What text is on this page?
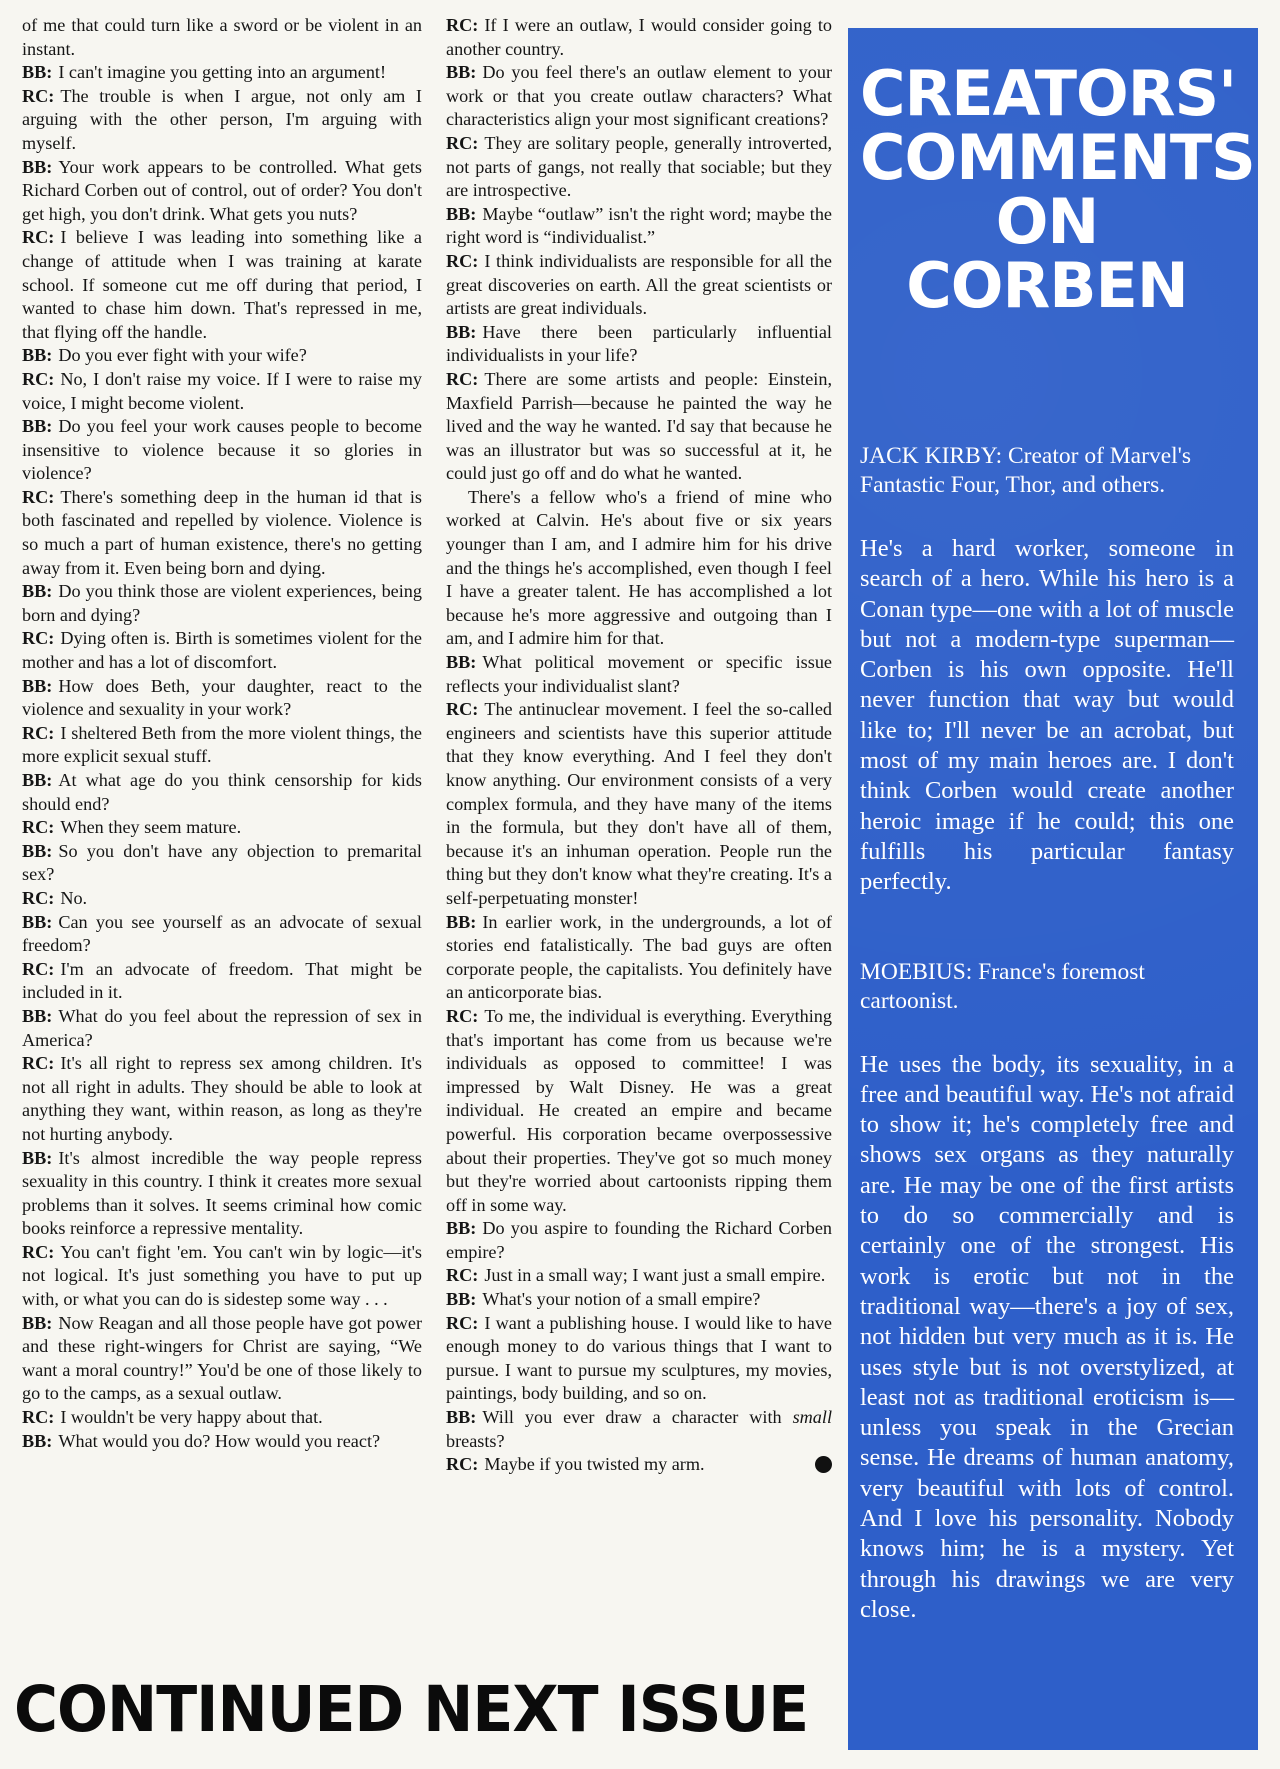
of me that could turn like a sword or be violent in an instant.

BB: I can't imagine you getting into an argument!

RC: The trouble is when I argue, not only am I arguing with the other person, I'm arguing with myself.

BB: Your work appears to be controlled. What gets Richard Corben out of control, out of order? You don't get high, you don't drink. What gets you nuts?

RC: I believe I was leading into something like a change of attitude when I was training at karate school. If someone cut me off during that period, I wanted to chase him down. That's repressed in me, that flying off the handle.

BB: Do you ever fight with your wife?

RC: No, I don't raise my voice. If I were to raise my voice, I might become violent.

BB: Do you feel your work causes people to become insensitive to violence because it so glories in violence?

RC: There's something deep in the human id that is both fascinated and repelled by violence. Violence is so much a part of human existence, there's no getting away from it. Even being born and dying.

BB: Do you think those are violent experiences, being born and dying?

RC: Dying often is. Birth is sometimes violent for the mother and has a lot of discomfort.

BB: How does Beth, your daughter, react to the violence and sexuality in your work?

RC: I sheltered Beth from the more violent things, the more explicit sexual stuff.

BB: At what age do you think censorship for kids should end?

RC: When they seem mature.

BB: So you don't have any objection to premarital sex?

RC: No.

BB: Can you see yourself as an advocate of sexual freedom?

RC: I'm an advocate of freedom. That might be included in it.

BB: What do you feel about the repression of sex in America?

RC: It's all right to repress sex among children. It's not all right in adults. They should be able to look at anything they want, within reason, as long as they're not hurting anybody.

BB: It's almost incredible the way people repress sexuality in this country. I think it creates more sexual problems than it solves. It seems criminal how comic books reinforce a repressive mentality.

RC: You can't fight 'em. You can't win by logic—it's not logical. It's just something you have to put up with, or what you can do is sidestep some way . . .

BB: Now Reagan and all those people have got power and these right-wingers for Christ are saying, “We want a moral country!” You'd be one of those likely to go to the camps, as a sexual outlaw.

RC: I wouldn't be very happy about that.

BB: What would you do? How would you react?

RC: If I were an outlaw, I would consider going to another country.

BB: Do you feel there's an outlaw element to your work or that you create outlaw characters? What characteristics align your most significant creations?

RC: They are solitary people, generally introverted, not parts of gangs, not really that sociable; but they are introspective.

BB: Maybe “outlaw” isn't the right word; maybe the right word is “individualist.”

RC: I think individualists are responsible for all the great discoveries on earth. All the great scientists or artists are great individuals.

BB: Have there been particularly influential individualists in your life?

RC: There are some artists and people: Einstein, Maxfield Parrish—because he painted the way he lived and the way he wanted. I'd say that because he was an illustrator but was so successful at it, he could just go off and do what he wanted.

There's a fellow who's a friend of mine who worked at Calvin. He's about five or six years younger than I am, and I admire him for his drive and the things he's accomplished, even though I feel I have a greater talent. He has accomplished a lot because he's more aggressive and outgoing than I am, and I admire him for that.

BB: What political movement or specific issue reflects your individualist slant?

RC: The antinuclear movement. I feel the so-called engineers and scientists have this superior attitude that they know everything. And I feel they don't know anything. Our environment consists of a very complex formula, and they have many of the items in the formula, but they don't have all of them, because it's an inhuman operation. People run the thing but they don't know what they're creating. It's a self-perpetuating monster!

BB: In earlier work, in the undergrounds, a lot of stories end fatalistically. The bad guys are often corporate people, the capitalists. You definitely have an anticorporate bias.

RC: To me, the individual is everything. Everything that's important has come from us because we're individuals as opposed to committee! I was impressed by Walt Disney. He was a great individual. He created an empire and became powerful. His corporation became overpossessive about their properties. They've got so much money but they're worried about cartoonists ripping them off in some way.

BB: Do you aspire to founding the Richard Corben empire?

RC: Just in a small way; I want just a small empire.

BB: What's your notion of a small empire?

RC: I want a publishing house. I would like to have enough money to do various things that I want to pursue. I want to pursue my sculptures, my movies, paintings, body building, and so on.

BB: Will you ever draw a character with small breasts?

RC: Maybe if you twisted my arm.

CONTINUED NEXT ISSUE
CREATORS'
COMMENTS
ON
CORBEN

JACK KIRBY: Creator of Marvel's Fantastic Four, Thor, and others.

He's a hard worker, someone in search of a hero. While his hero is a Conan type—one with a lot of muscle but not a modern-type superman—Corben is his own opposite. He'll never function that way but would like to; I'll never be an acrobat, but most of my main heroes are. I don't think Corben would create another heroic image if he could; this one fulfills his particular fantasy perfectly.

MOEBIUS: France's foremost cartoonist.

He uses the body, its sexuality, in a free and beautiful way. He's not afraid to show it; he's completely free and shows sex organs as they naturally are. He may be one of the first artists to do so commercially and is certainly one of the strongest. His work is erotic but not in the traditional way—there's a joy of sex, not hidden but very much as it is. He uses style but is not overstylized, at least not as traditional eroticism is—unless you speak in the Grecian sense. He dreams of human anatomy, very beautiful with lots of control. And I love his personality. Nobody knows him; he is a mystery. Yet through his drawings we are very close.
